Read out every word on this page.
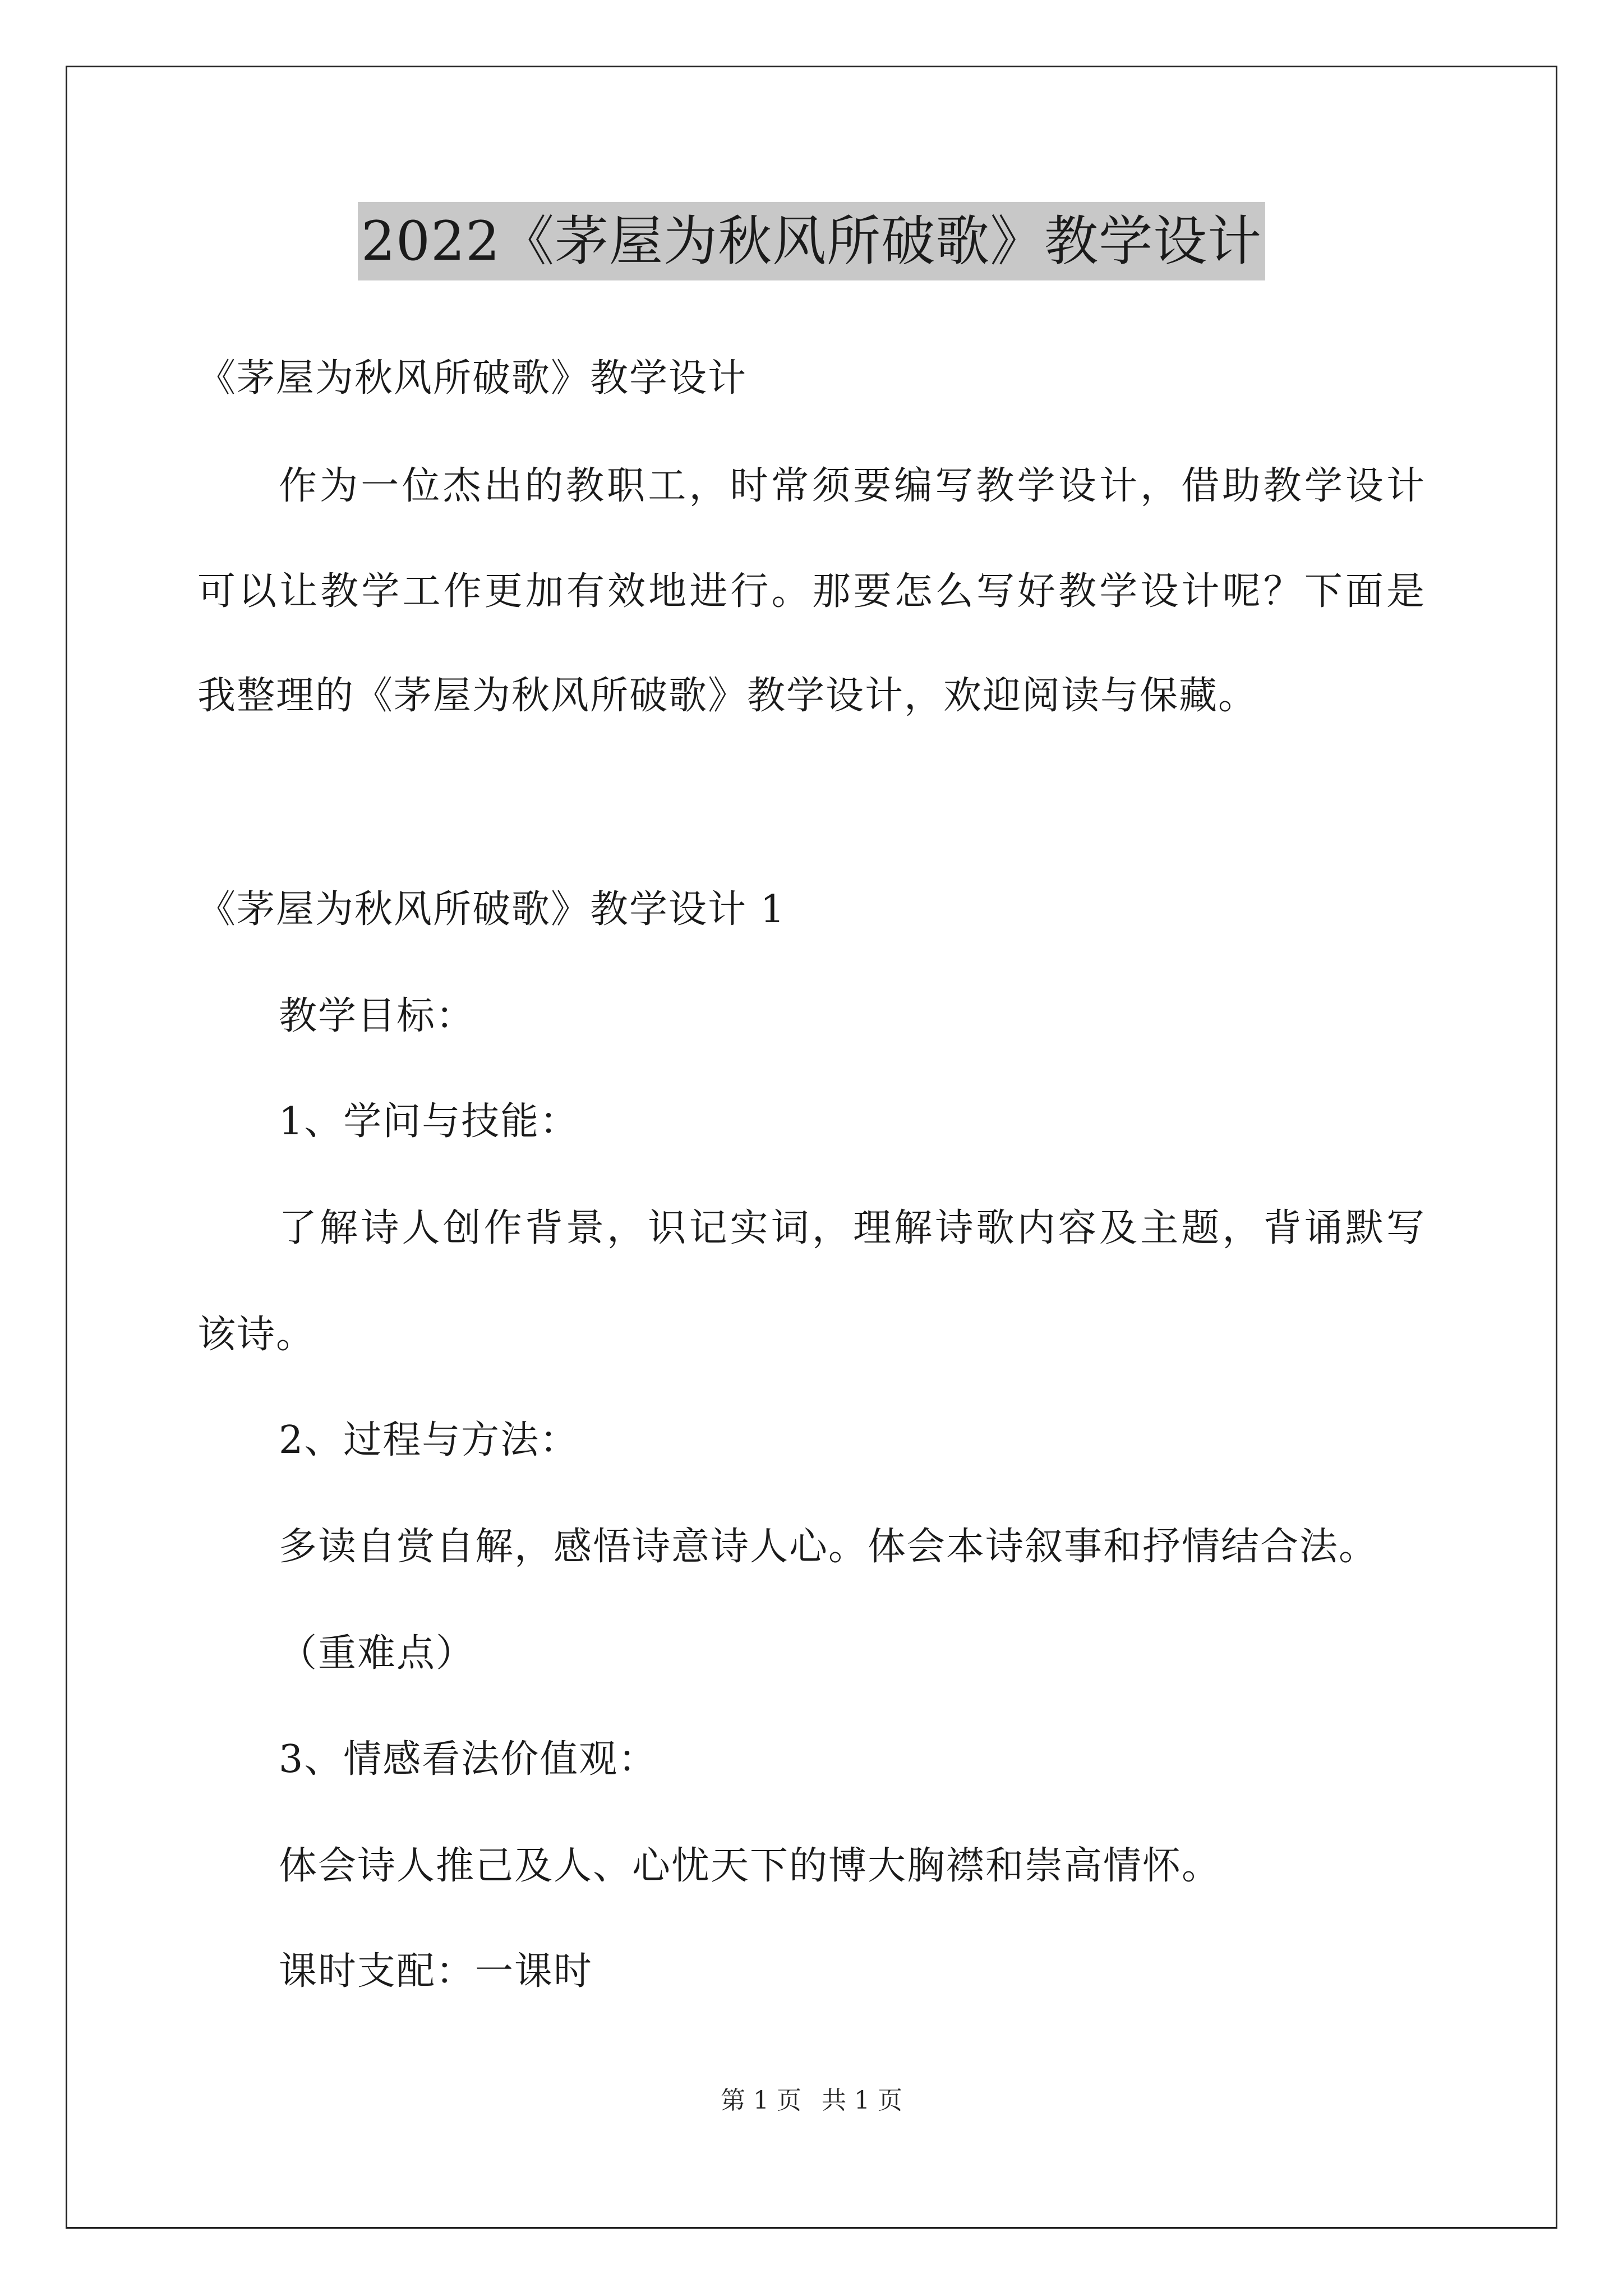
2022《茅屋为秋风所破歌》教学设计
《茅屋为秋风所破歌》教学设计
作为一位杰出的教职工，时常须要编写教学设计，借助教学设计
可以让教学工作更加有效地进行。那要怎么写好教学设计呢？下面是
我整理的《茅屋为秋风所破歌》教学设计，欢迎阅读与保藏。
《茅屋为秋风所破歌》教学设计 1
教学目标：
1、学问与技能：
了解诗人创作背景，识记实词，理解诗歌内容及主题，背诵默写
该诗。
2、过程与方法：
多读自赏自解，感悟诗意诗人心。体会本诗叙事和抒情结合法。
（重难点）
3、情感看法价值观：
体会诗人推己及人、心忧天下的博大胸襟和崇高情怀。
课时支配：一课时
第 1 页 共 1 页
